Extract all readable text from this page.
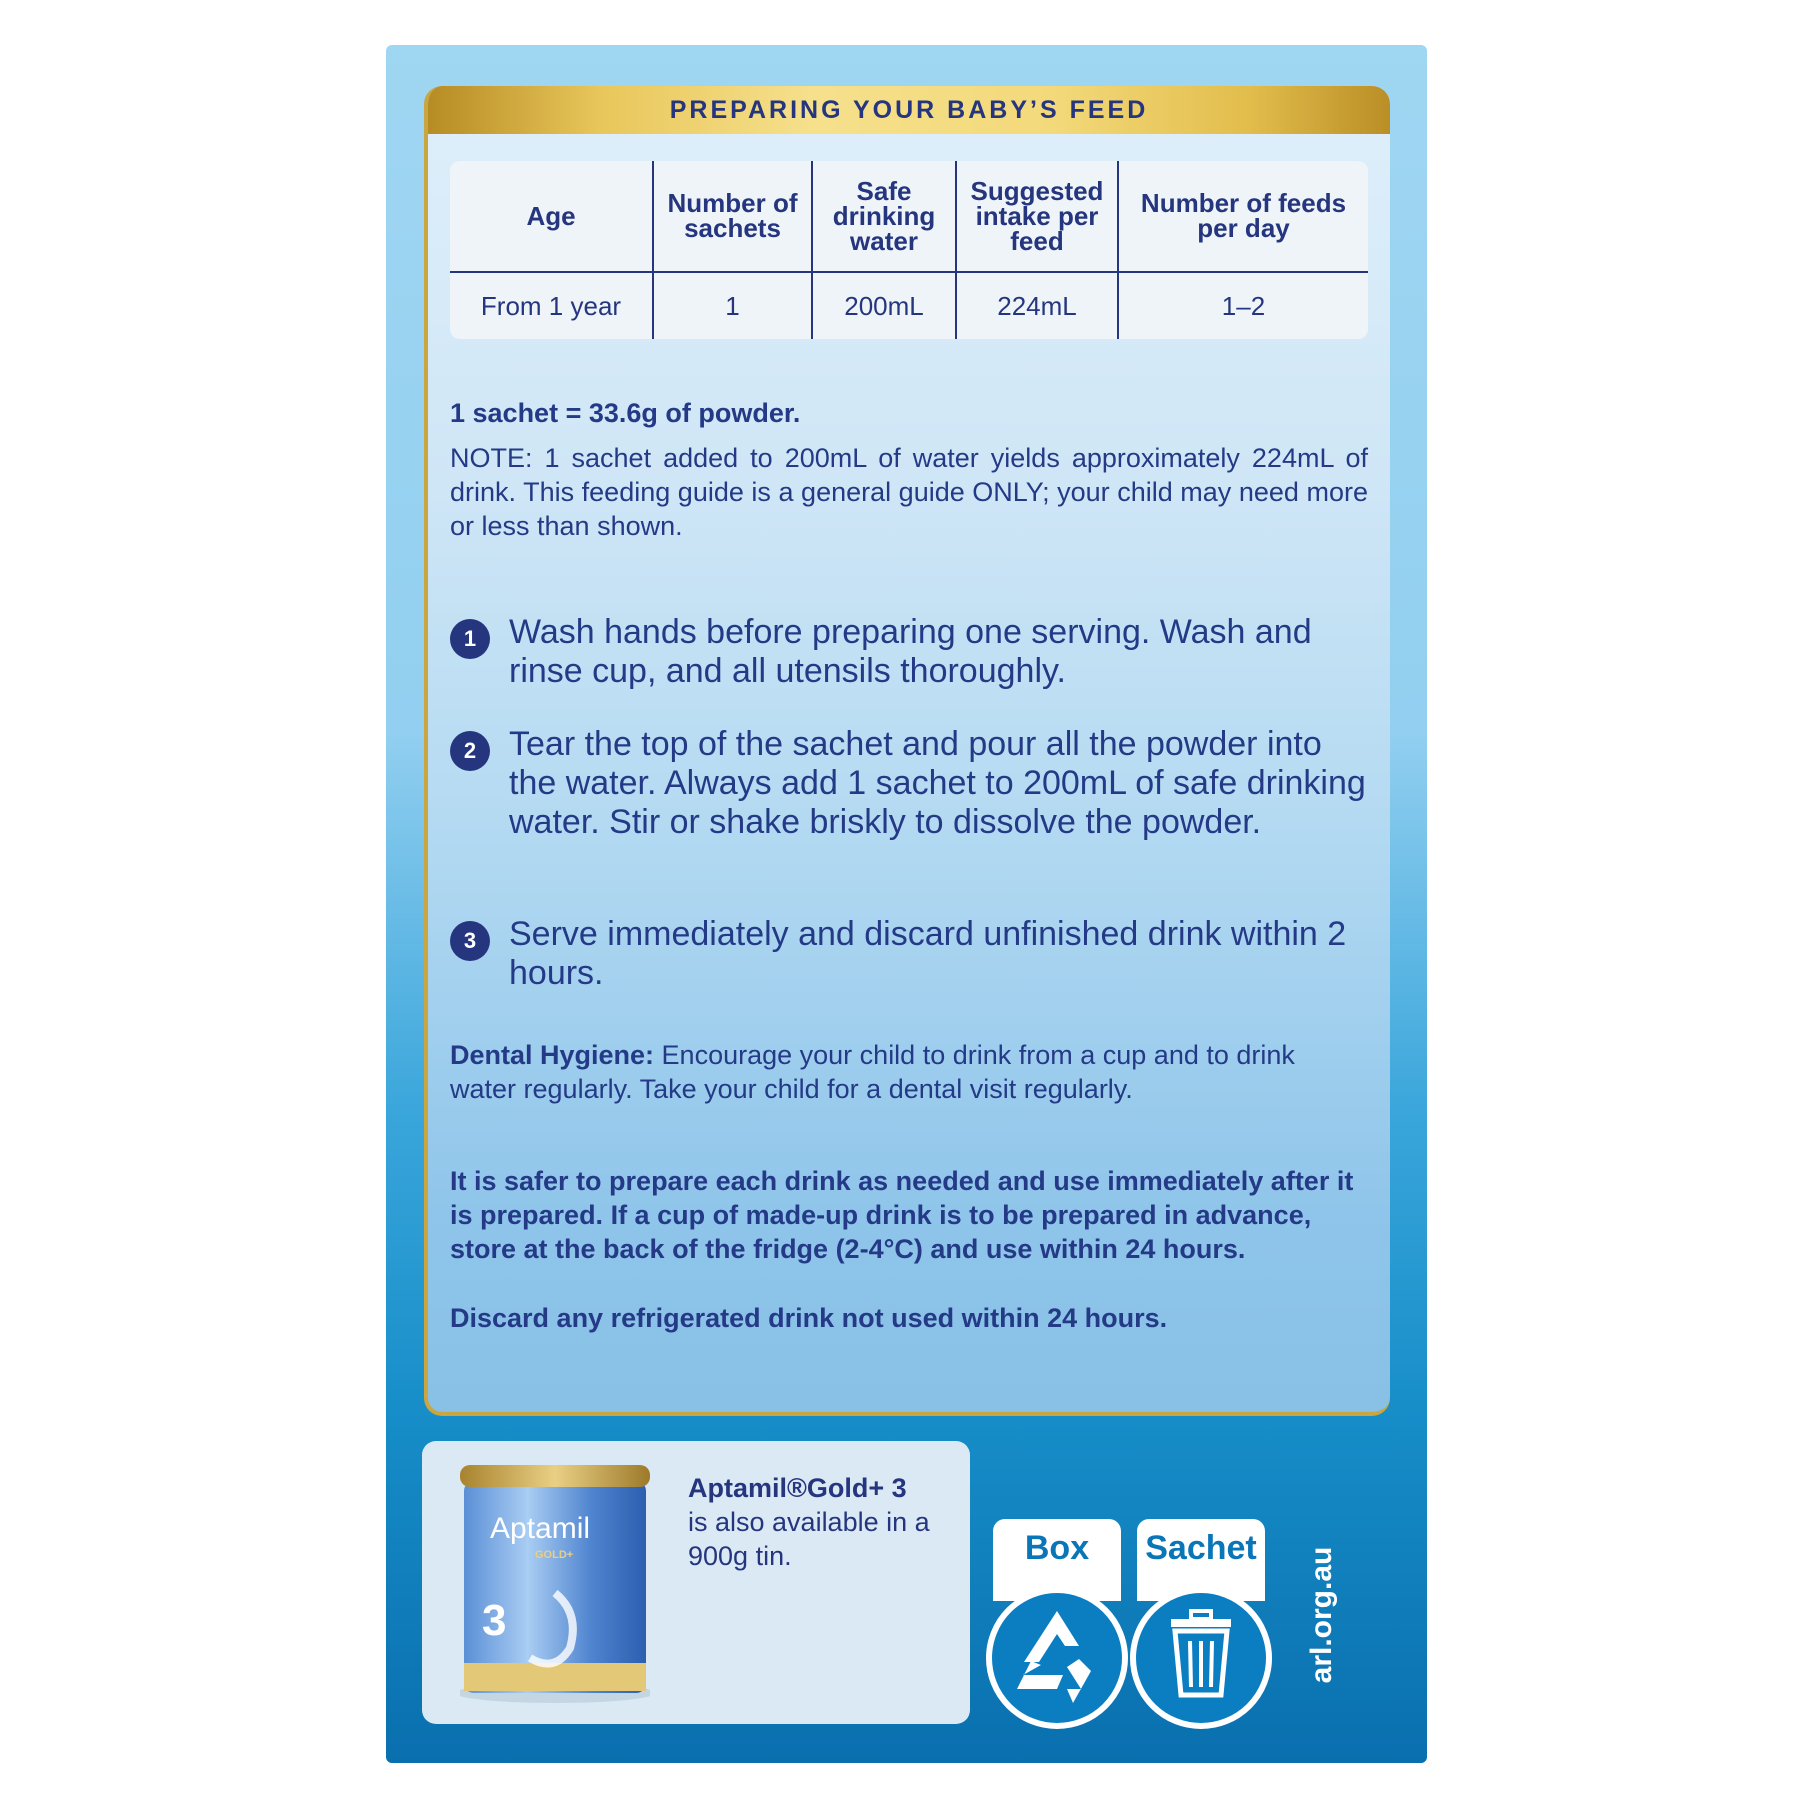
PREPARING YOUR BABY’S FEED
Age	Number of sachets	Safe drinking water	Suggested intake per feed	Number of feeds per day
From 1 year	1	200mL	224mL	1–2
1 sachet = 33.6g of powder.
NOTE: 1 sachet added to 200mL of water yields approximately 224mL of drink. This feeding guide is a general guide ONLY; your child may need more or less than shown.
1 Wash hands before preparing one serving. Wash and rinse cup, and all utensils thoroughly.
2 Tear the top of the sachet and pour all the powder into the water. Always add 1 sachet to 200mL of safe drinking water. Stir or shake briskly to dissolve the powder.
3 Serve immediately and discard unfinished drink within 2 hours.
Dental Hygiene: Encourage your child to drink from a cup and to drink water regularly. Take your child for a dental visit regularly.
It is safer to prepare each drink as needed and use immediately after it is prepared. If a cup of made-up drink is to be prepared in advance, store at the back of the fridge (2-4°C) and use within 24 hours.
Discard any refrigerated drink not used within 24 hours.
Aptamil
GOLD+
3
Aptamil®Gold+ 3
is also available in a 900g tin.	Box Sachet arl.org.au
